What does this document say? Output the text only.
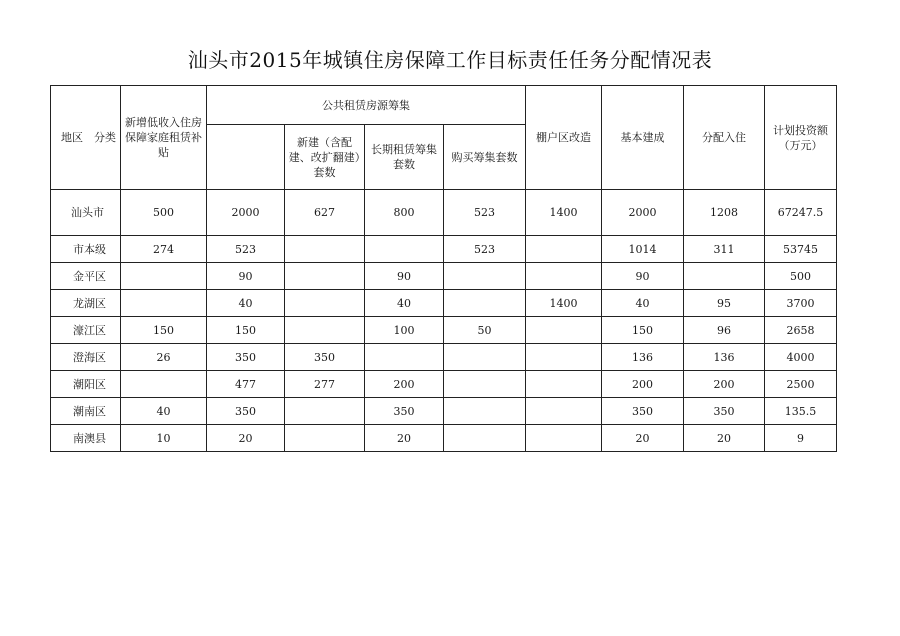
汕头市2015年城镇住房保障工作目标责任任务分配情况表
地区　分类	新增低收入住房保障家庭租赁补贴	公共租赁房源筹集				棚户区改造	基本建成	分配入住	计划投资额（万元）
			新建（含配建、改扩翻建）套数	长期租赁筹集套数	购买筹集套数				
汕头市	500	2000	627	800	523	1400	2000	1208	67247.5
市本级	274	523			523		1014	311	53745
金平区		90		90			90		500
龙湖区		40		40		1400	40	95	3700
濠江区	150	150		100	50		150	96	2658
澄海区	26	350	350				136	136	4000
潮阳区		477	277	200			200	200	2500
潮南区	40	350		350			350	350	135.5
南澳县	10	20		20			20	20	9
